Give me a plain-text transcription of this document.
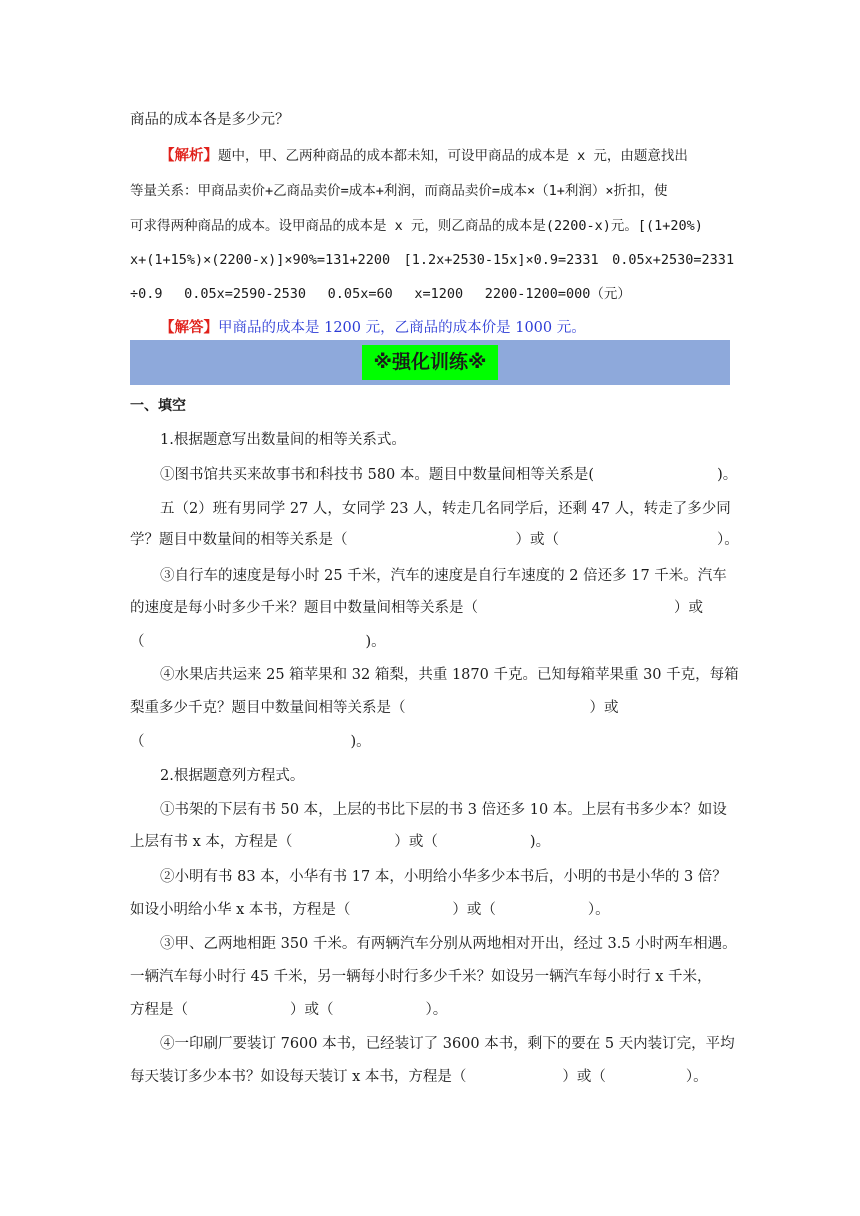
商品的成本各是多少元？
【解析】题中，甲、乙两种商品的成本都未知，可设甲商品的成本是 x 元，由题意找出
等量关系：甲商品卖价+乙商品卖价=成本+利润，而商品卖价=成本×（1+利润）×折扣，使
可求得两种商品的成本。设甲商品的成本是 x 元，则乙商品的成本是(2200-x)元。[(1+20%)
x+(1+15%)×(2200-x)]×90%=131+2200　[1.2x+2530-15x]×0.9=2331　0.05x+2530=2331
÷0.9　 0.05x=2590-2530　 0.05x=60　 x=1200　 2200-1200=000（元）
【解答】甲商品的成本是 1200 元，乙商品的成本价是 1000 元。
※强化训练※
一、填空
1.根据题意写出数量间的相等关系式。
①图书馆共买来故事书和科技书 580 本。题目中数量间相等关系是(	)。
五（2）班有男同学 27 人，女同学 23 人，转走几名同学后，还剩 47 人，转走了多少同
学？题目中数量间的相等关系是（	）或（	）。
③自行车的速度是每小时 25 千米，汽车的速度是自行车速度的 2 倍还多 17 千米。汽车
的速度是每小时多少千米？题目中数量间相等关系是（	）或
（	)。
④水果店共运来 25 箱苹果和 32 箱梨，共重 1870 千克。已知每箱苹果重 30 千克，每箱
梨重多少千克？题目中数量间相等关系是（	）或
（	)。
2.根据题意列方程式。
①书架的下层有书 50 本，上层的书比下层的书 3 倍还多 10 本。上层有书多少本？如设
上层有书 x 本，方程是（	）或（	)。
②小明有书 83 本，小华有书 17 本，小明给小华多少本书后，小明的书是小华的 3 倍？
如设小明给小华 x 本书，方程是（	）或（	）。
③甲、乙两地相距 350 千米。有两辆汽车分别从两地相对开出，经过 3.5 小时两车相遇。
一辆汽车每小时行 45 千米，另一辆每小时行多少千米？如设另一辆汽车每小时行 x 千米，
方程是（	）或（	）。
④一印刷厂要装订 7600 本书，已经装订了 3600 本书，剩下的要在 5 天内装订完，平均
每天装订多少本书？如设每天装订 x 本书，方程是（	）或（	）。
